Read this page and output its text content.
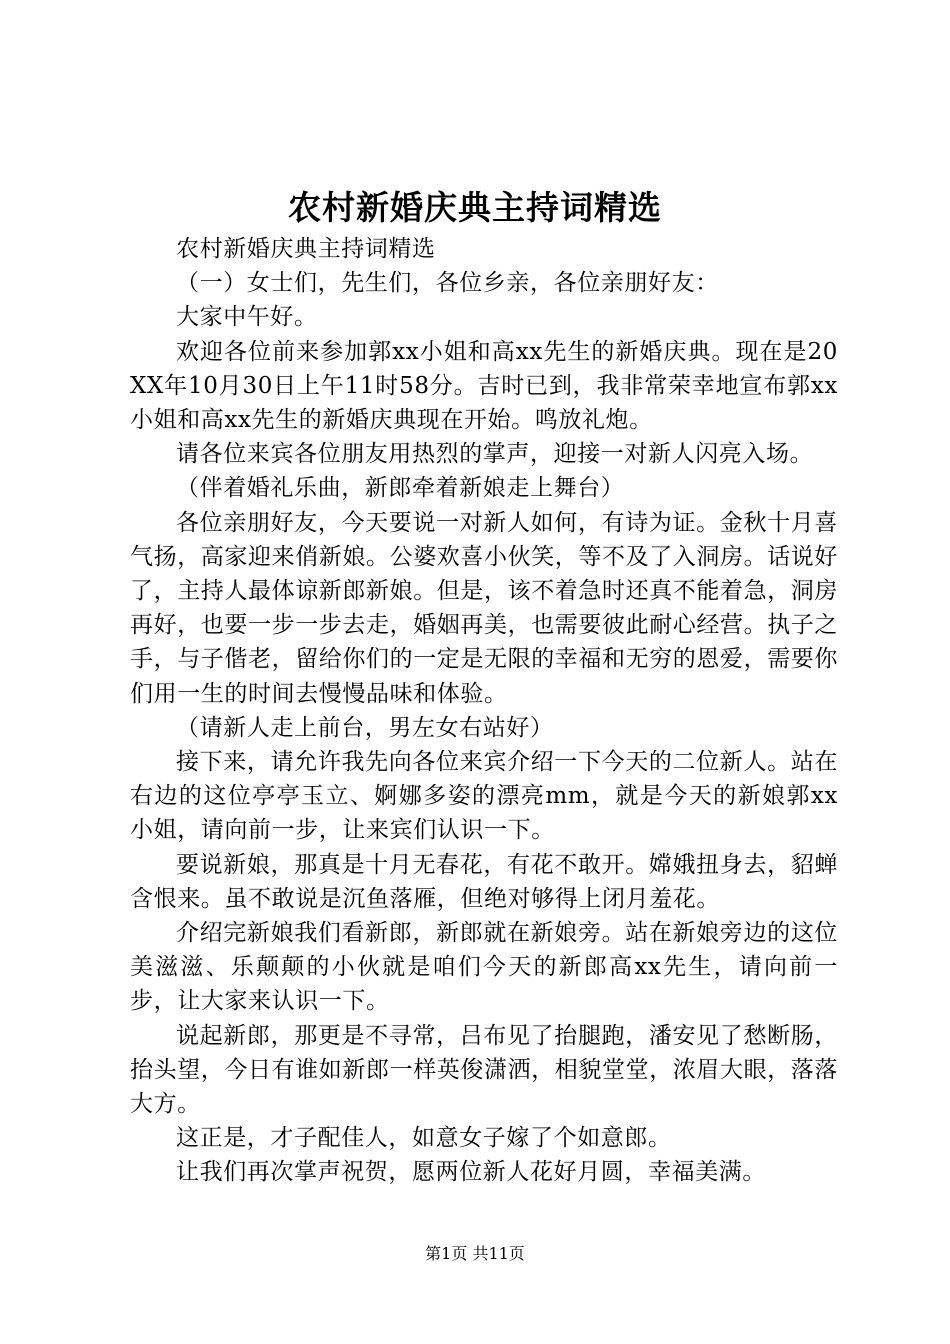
农村新婚庆典主持词精选

农村新婚庆典主持词精选

（一）女士们，先生们，各位乡亲，各位亲朋好友：

大家中午好。

欢迎各位前来参加郭xx小姐和高xx先生的新婚庆典。现在是20XX年10月30日上午11时58分。吉时已到，我非常荣幸地宣布郭xx小姐和高xx先生的新婚庆典现在开始。鸣放礼炮。

请各位来宾各位朋友用热烈的掌声，迎接一对新人闪亮入场。

（伴着婚礼乐曲，新郎牵着新娘走上舞台）

各位亲朋好友，今天要说一对新人如何，有诗为证。金秋十月喜气扬，高家迎来俏新娘。公婆欢喜小伙笑，等不及了入洞房。话说好了，主持人最体谅新郎新娘。但是，该不着急时还真不能着急，洞房再好，也要一步一步去走，婚姻再美，也需要彼此耐心经营。执子之手，与子偕老，留给你们的一定是无限的幸福和无穷的恩爱，需要你们用一生的时间去慢慢品味和体验。

（请新人走上前台，男左女右站好）

接下来，请允许我先向各位来宾介绍一下今天的二位新人。站在右边的这位亭亭玉立、婀娜多姿的漂亮mm，就是今天的新娘郭xx小姐，请向前一步，让来宾们认识一下。

要说新娘，那真是十月无春花，有花不敢开。嫦娥扭身去，貂蝉含恨来。虽不敢说是沉鱼落雁，但绝对够得上闭月羞花。

介绍完新娘我们看新郎，新郎就在新娘旁。站在新娘旁边的这位美滋滋、乐颠颠的小伙就是咱们今天的新郎高xx先生，请向前一步，让大家来认识一下。

说起新郎，那更是不寻常，吕布见了抬腿跑，潘安见了愁断肠，抬头望，今日有谁如新郎一样英俊潇洒，相貌堂堂，浓眉大眼，落落大方。

这正是，才子配佳人，如意女子嫁了个如意郎。

让我们再次掌声祝贺，愿两位新人花好月圆，幸福美满。

第1页 共11页
